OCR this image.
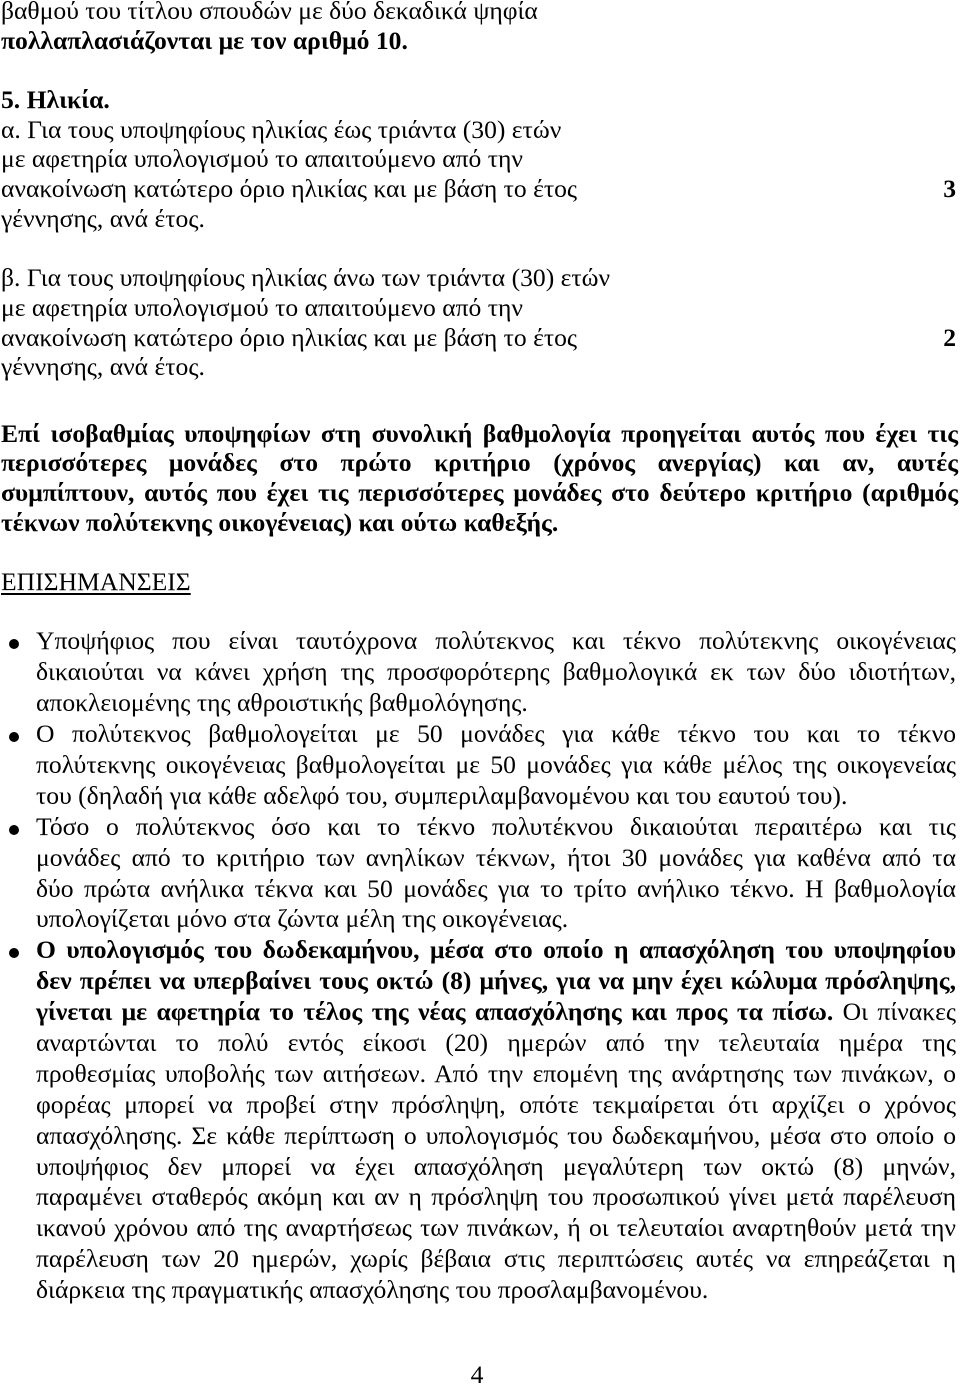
βαθμού του τίτλου σπουδών με δύο δεκαδικά ψηφία
πολλαπλασιάζονται με τον αριθμό 10.
5. Ηλικία.
α. Για τους υποψηφίους ηλικίας έως τριάντα (30) ετών
με αφετηρία υπολογισμού το απαιτούμενο από την
ανακοίνωση κατώτερο όριο ηλικίας και με βάση το έτος	3
γέννησης, ανά έτος.
β. Για τους υποψηφίους ηλικίας άνω των τριάντα (30) ετών
με αφετηρία υπολογισμού το απαιτούμενο από την
ανακοίνωση κατώτερο όριο ηλικίας και με βάση το έτος	2
γέννησης, ανά έτος.
Επί ισοβαθμίας υποψηφίων στη συνολική βαθμολογία προηγείται αυτός που έχει τις
περισσότερες μονάδες στο πρώτο κριτήριο (χρόνος ανεργίας) και αν, αυτές
συμπίπτουν, αυτός που έχει τις περισσότερες μονάδες στο δεύτερο κριτήριο (αριθμός
τέκνων πολύτεκνης οικογένειας) και ούτω καθεξής.
ΕΠΙΣΗΜΑΝΣΕΙΣ
Υποψήφιος που είναι ταυτόχρονα πολύτεκνος και τέκνο πολύτεκνης οικογένειας
δικαιούται να κάνει χρήση της προσφορότερης βαθμολογικά εκ των δύο ιδιοτήτων,
αποκλειομένης της αθροιστικής βαθμολόγησης.
Ο πολύτεκνος βαθμολογείται με 50 μονάδες για κάθε τέκνο του και το τέκνο
πολύτεκνης οικογένειας βαθμολογείται με 50 μονάδες για κάθε μέλος της οικογενείας
του (δηλαδή για κάθε αδελφό του, συμπεριλαμβανομένου και του εαυτού του).
Τόσο ο πολύτεκνος όσο και το τέκνο πολυτέκνου δικαιούται περαιτέρω και τις
μονάδες από το κριτήριο των ανηλίκων τέκνων, ήτοι 30 μονάδες για καθένα από τα
δύο πρώτα ανήλικα τέκνα και 50 μονάδες για το τρίτο ανήλικο τέκνο. Η βαθμολογία
υπολογίζεται μόνο στα ζώντα μέλη της οικογένειας.
Ο υπολογισμός του δωδεκαμήνου, μέσα στο οποίο η απασχόληση του υποψηφίου
δεν πρέπει να υπερβαίνει τους οκτώ (8) μήνες, για να μην έχει κώλυμα πρόσληψης,
γίνεται με αφετηρία το τέλος της νέας απασχόλησης και προς τα πίσω. Οι πίνακες
αναρτώνται το πολύ εντός είκοσι (20) ημερών από την τελευταία ημέρα της
προθεσμίας υποβολής των αιτήσεων. Από την επομένη της ανάρτησης των πινάκων, ο
φορέας μπορεί να προβεί στην πρόσληψη, οπότε τεκμαίρεται ότι αρχίζει ο χρόνος
απασχόλησης. Σε κάθε περίπτωση ο υπολογισμός του δωδεκαμήνου, μέσα στο οποίο ο
υποψήφιος δεν μπορεί να έχει απασχόληση μεγαλύτερη των οκτώ (8) μηνών,
παραμένει σταθερός ακόμη και αν η πρόσληψη του προσωπικού γίνει μετά παρέλευση
ικανού χρόνου από της αναρτήσεως των πινάκων, ή οι τελευταίοι αναρτηθούν μετά την
παρέλευση των 20 ημερών, χωρίς βέβαια στις περιπτώσεις αυτές να επηρεάζεται η
διάρκεια της πραγματικής απασχόλησης του προσλαμβανομένου.
4
